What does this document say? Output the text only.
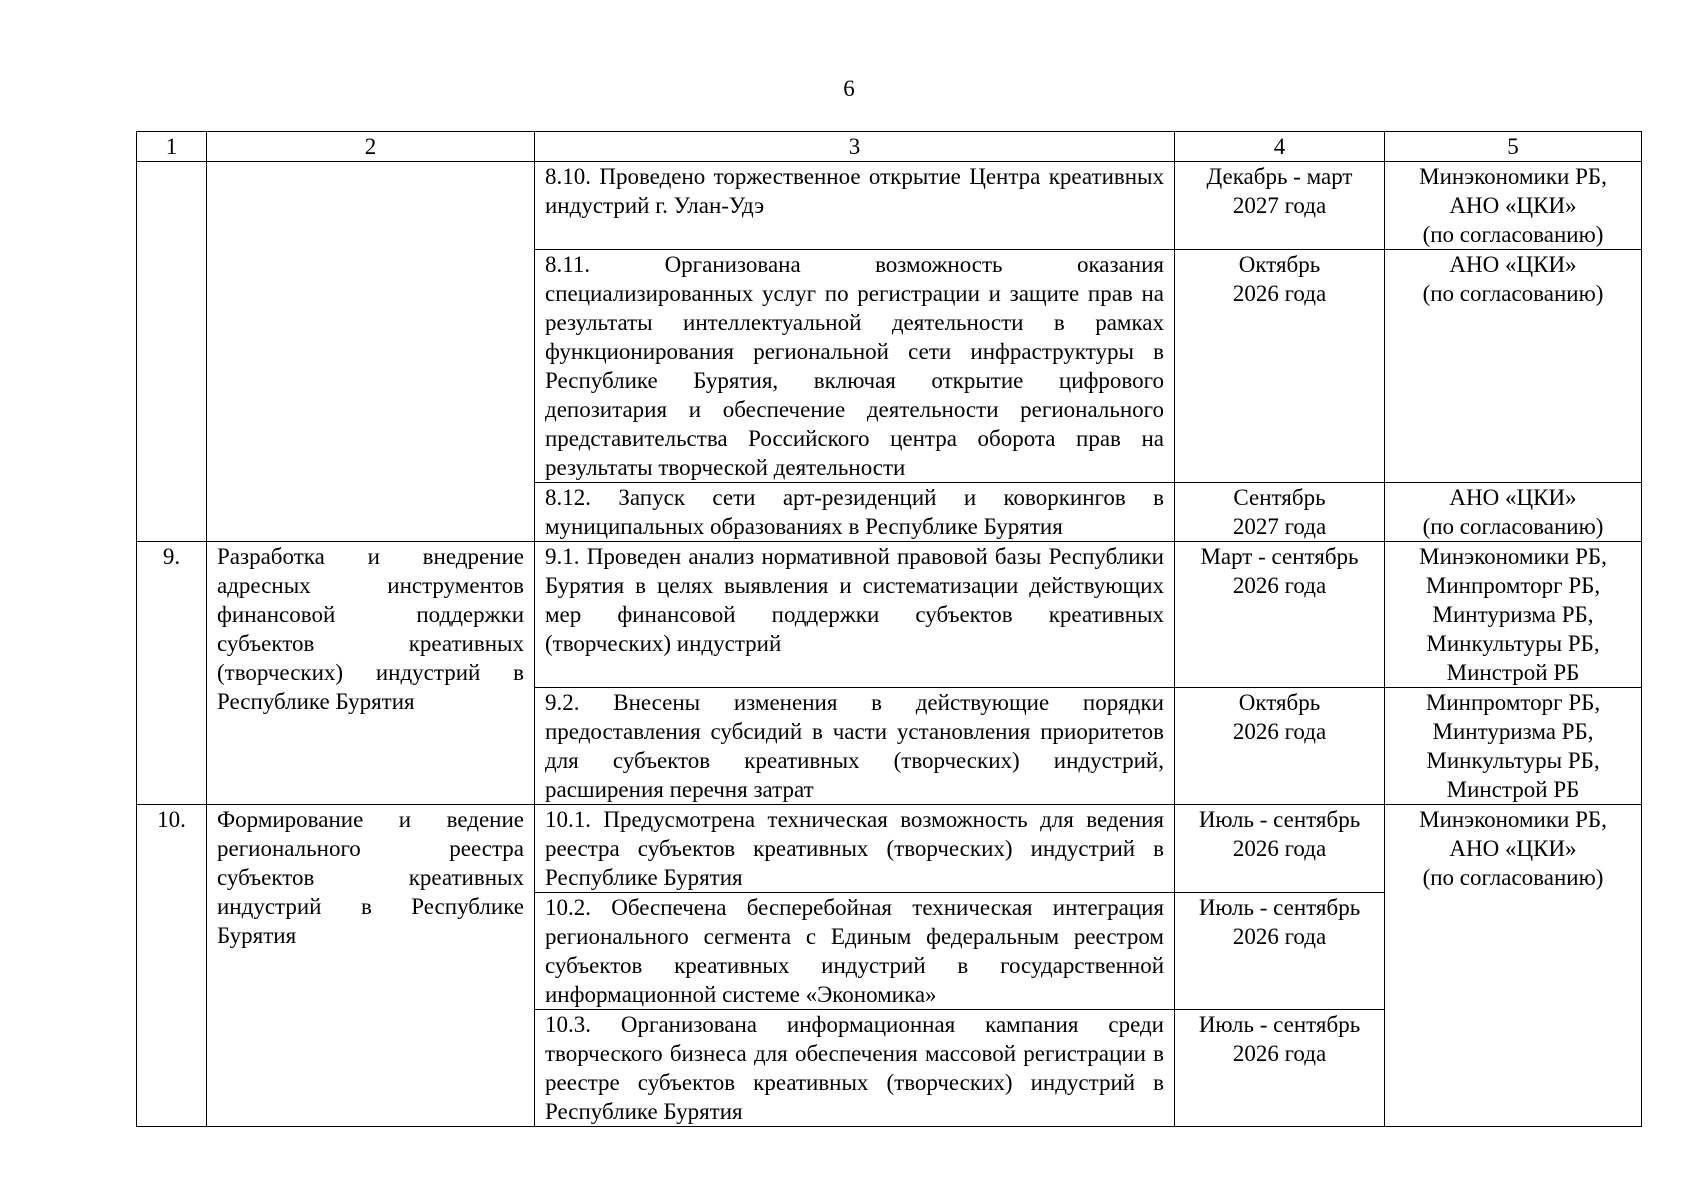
6
1	2	3	4	5
		8.10. Проведено торжественное открытие Центра креативных индустрий г. Улан-Удэ	Декабрь - март
2027 года	Минэкономики РБ,
АНО «ЦКИ»
(по согласованию)

		8.11. Организована возможность оказания специализированных услуг по регистрации и защите прав на результаты интеллектуальной деятельности в рамках функционирования региональной сети инфраструктуры в Республике Бурятия, включая открытие цифрового депозитария и обеспечение деятельности регионального представительства Российского центра оборота прав на результаты творческой деятельности	Октябрь
2026 года	АНО «ЦКИ»
(по согласованию)

		8.12. Запуск сети арт-резиденций и коворкингов в муниципальных образованиях в Республике Бурятия	Сентябрь
2027 года	АНО «ЦКИ»
(по согласованию)

9.	Разработка и внедрение адресных инструментов финансовой поддержки субъектов креативных (творческих) индустрий в Республике Бурятия	9.1. Проведен анализ нормативной правовой базы Республики Бурятия в целях выявления и систематизации действующих мер финансовой поддержки субъектов креативных (творческих) индустрий	Март - сентябрь
2026 года	Минэкономики РБ,
Минпромторг РБ,
Минтуризма РБ,
Минкультуры РБ,
Минстрой РБ

		9.2. Внесены изменения в действующие порядки предоставления субсидий в части установления приоритетов для субъектов креативных (творческих) индустрий, расширения перечня затрат	Октябрь
2026 года	Минпромторг РБ,
Минтуризма РБ,
Минкультуры РБ,
Минстрой РБ

10.	Формирование и ведение регионального реестра субъектов креативных индустрий в Республике Бурятия	10.1. Предусмотрена техническая возможность для ведения реестра субъектов креативных (творческих) индустрий в Республике Бурятия	Июль - сентябрь
2026 года	Минэкономики РБ,
АНО «ЦКИ»
(по согласованию)

		10.2. Обеспечена бесперебойная техническая интеграция регионального сегмента с Единым федеральным реестром субъектов креативных индустрий в государственной информационной системе «Экономика»	Июль - сентябрь
2026 года	

		10.3. Организована информационная кампания среди творческого бизнеса для обеспечения массовой регистрации в реестре субъектов креативных (творческих) индустрий в Республике Бурятия	Июль - сентябрь
2026 года	
